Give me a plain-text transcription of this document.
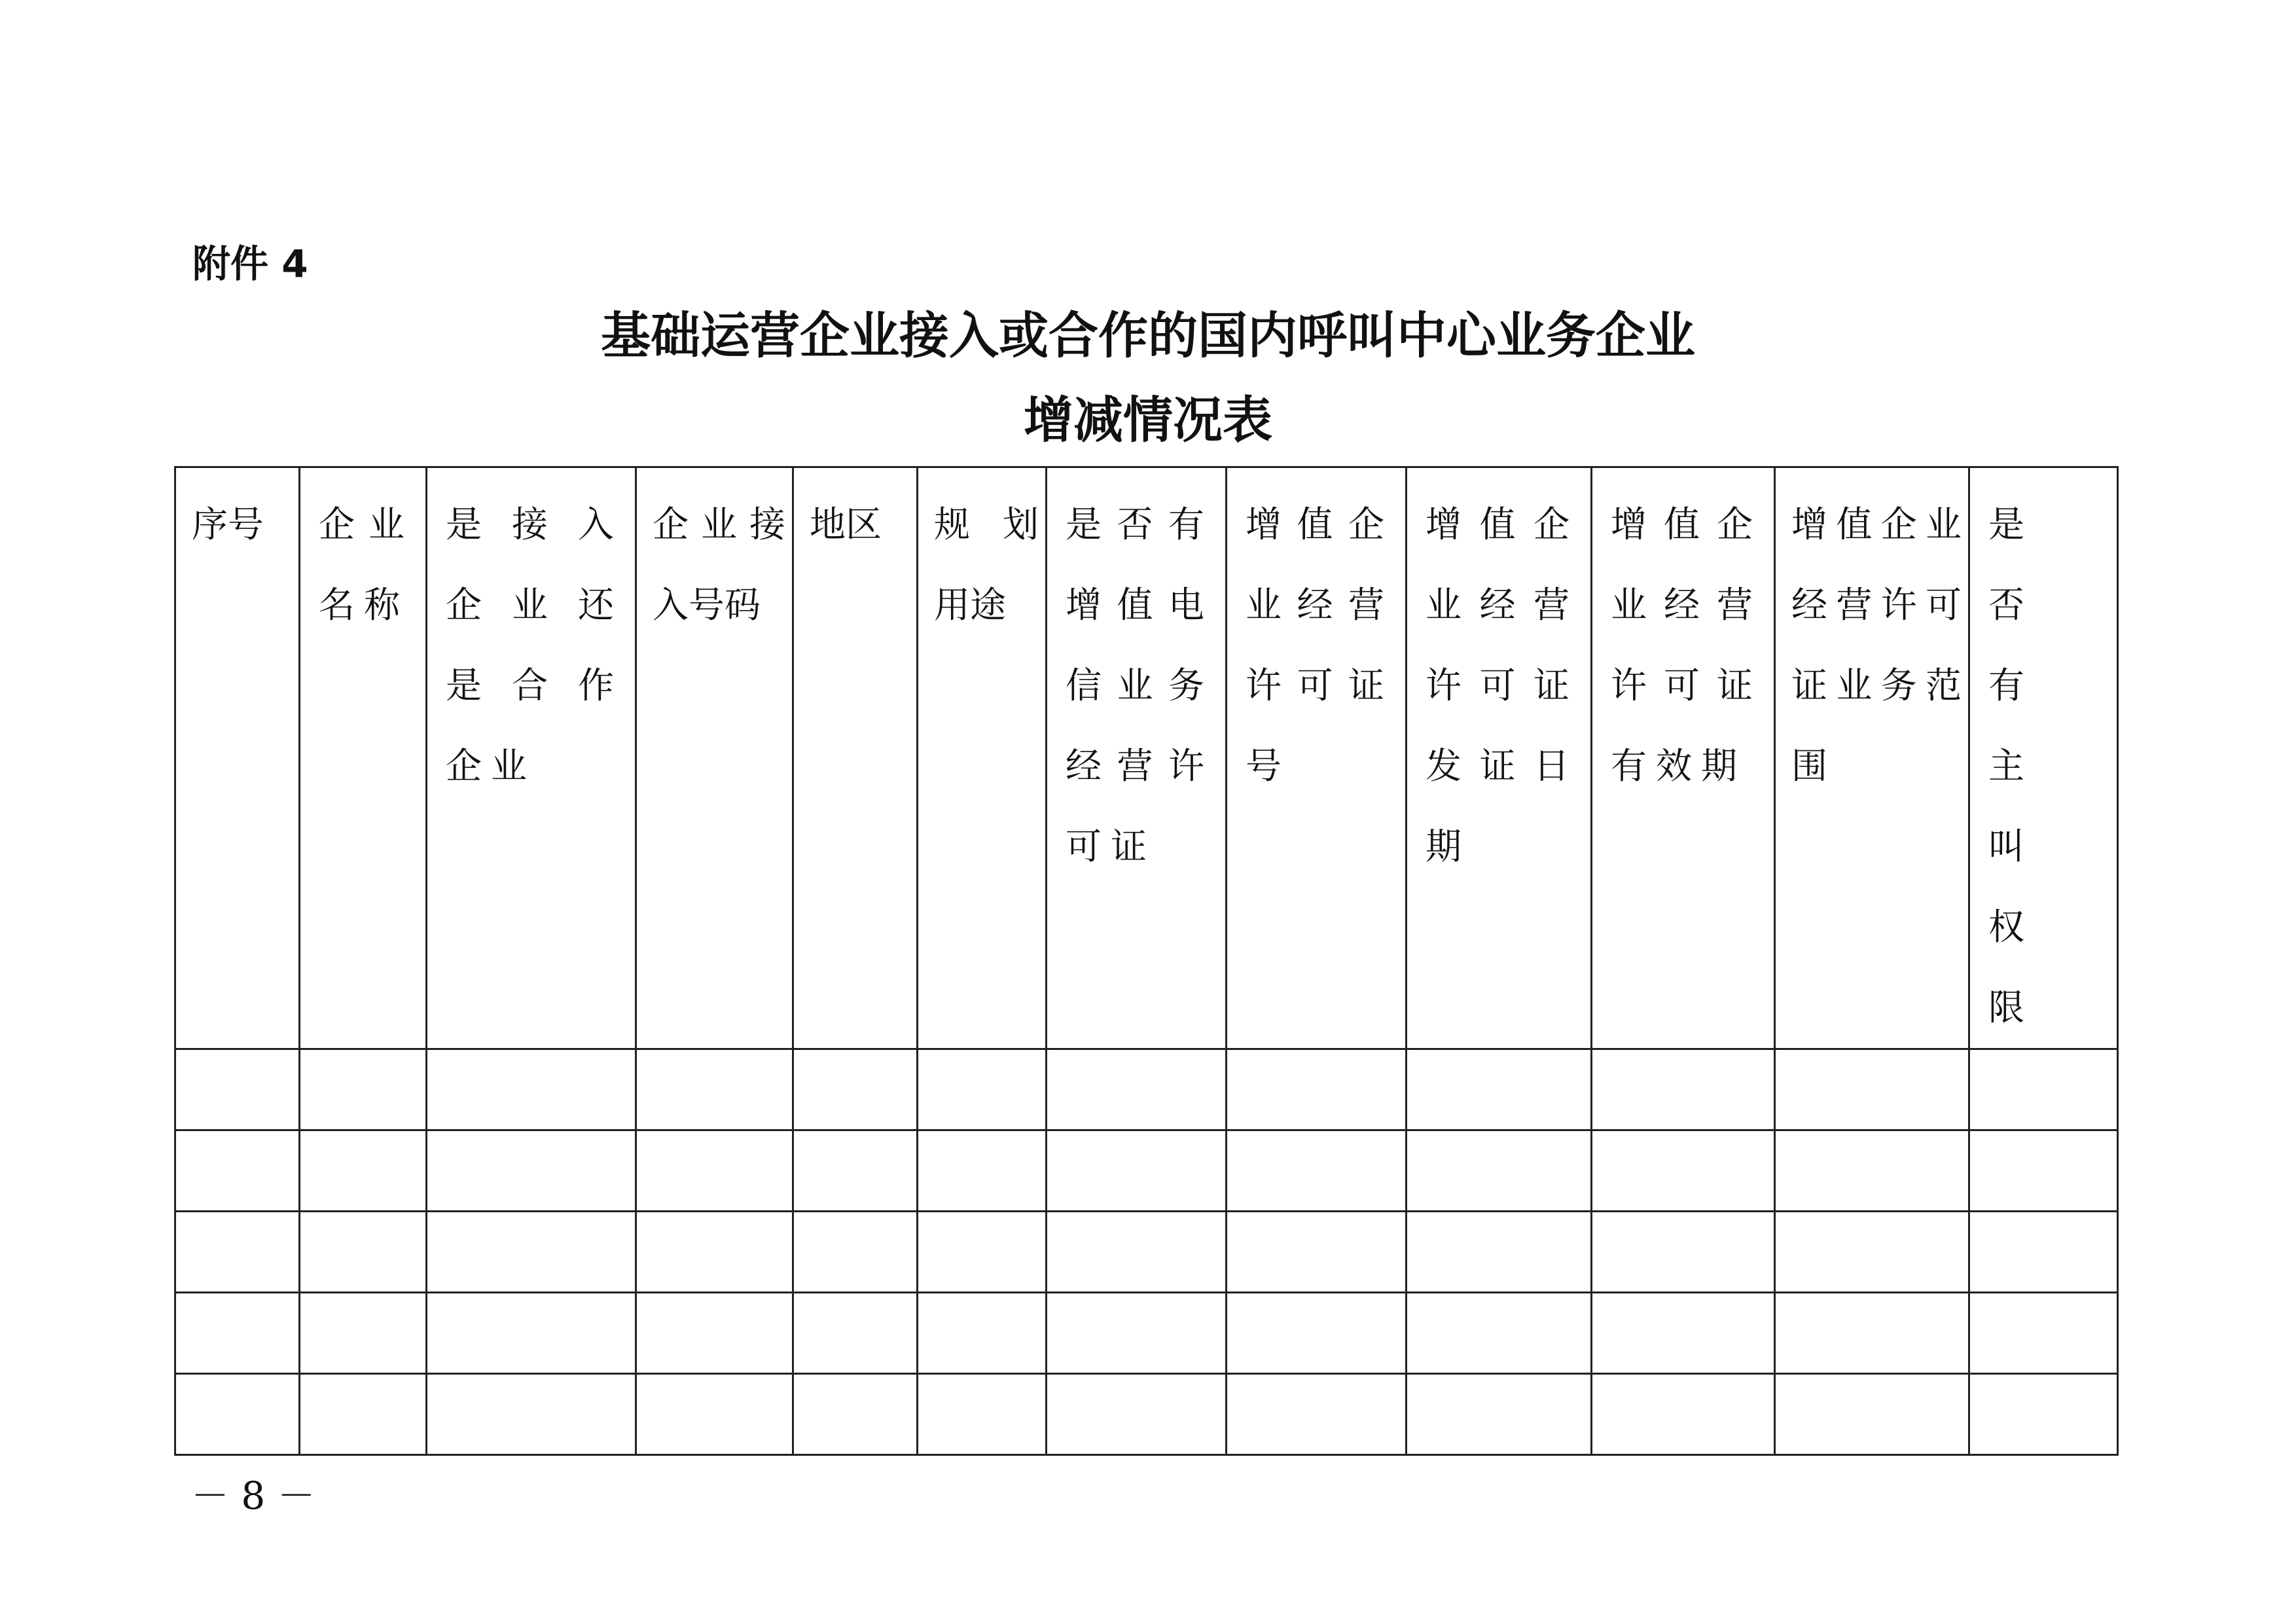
附件 4
基础运营企业接入或合作的国内呼叫中心业务企业
增减情况表
序号	企业名称	是接入企业还是合作企业	企业接入号码	地区	规划用途	是否有增值电信业务经营许可证	增值企业经营许可证号	增值企业经营许可证发证日期	增值企业经营许可证有效期	增值企业经营许可证业务范围	是否有主叫权限

－ 8 －
